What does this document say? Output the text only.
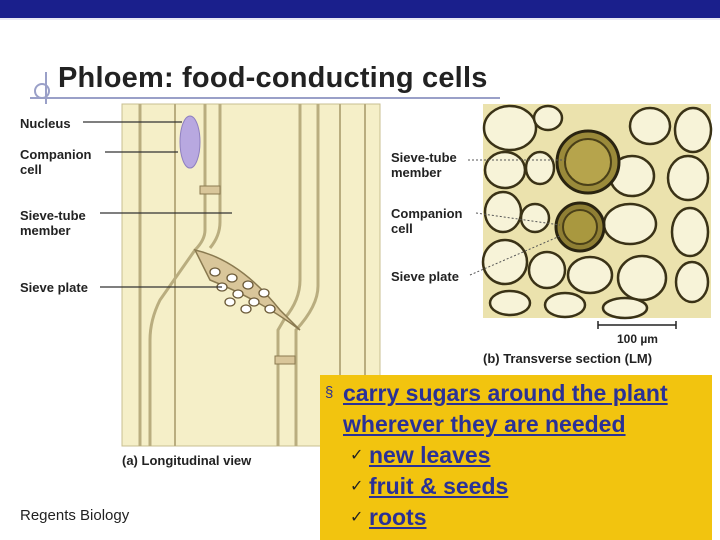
Phloem: food-conducting cells
Nucleus
Companion
cell
Sieve-tube
member
Sieve plate
(a) Longitudinal view
Sieve-tube
member
Companion
cell
Sieve plate
100 µm
(b) Transverse section (LM)
§ carry sugars around the plant
wherever they are needed
✓ new leaves
✓ fruit & seeds
✓ roots
Regents Biology
